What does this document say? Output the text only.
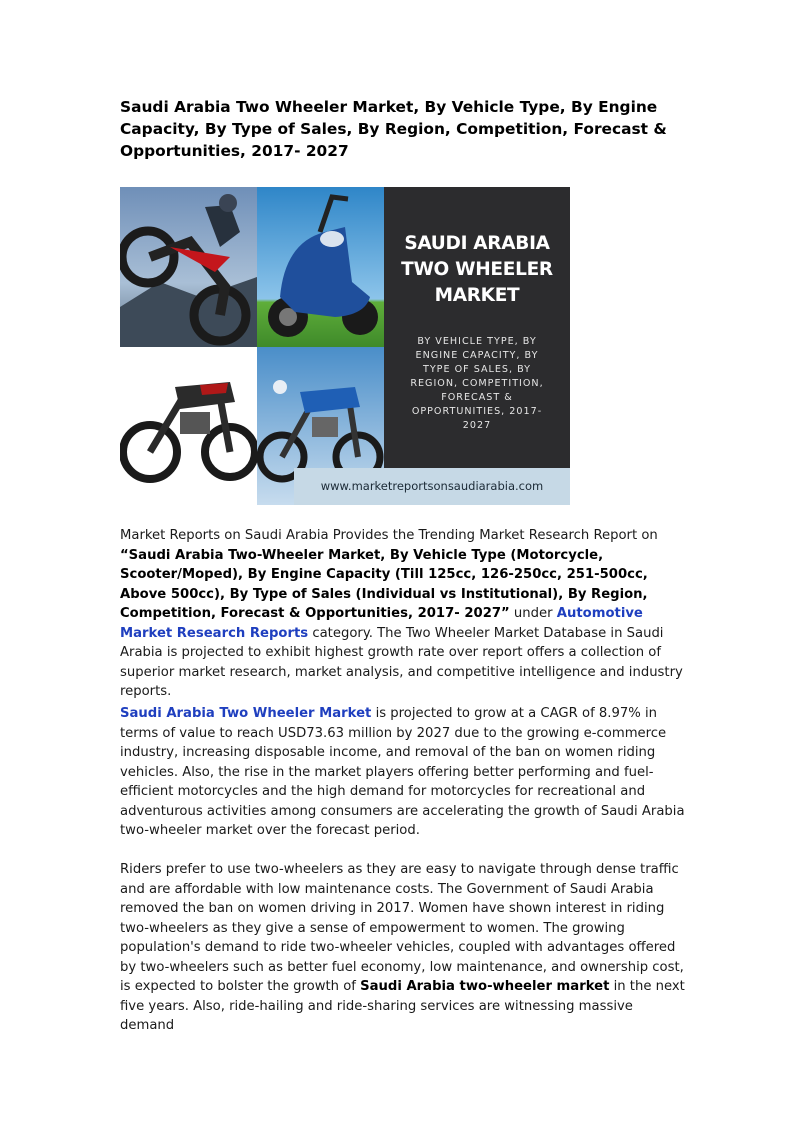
Saudi Arabia Two Wheeler Market, By Vehicle Type, By Engine Capacity, By Type of Sales, By Region, Competition, Forecast & Opportunities, 2017- 2027
SAUDI ARABIA
TWO WHEELER
MARKET
BY VEHICLE TYPE, BY
ENGINE CAPACITY, BY
TYPE OF SALES, BY
REGION, COMPETITION,
FORECAST &
OPPORTUNITIES, 2017-
2027
www.marketreportsonsaudiarabia.com
Market Reports on Saudi Arabia Provides the Trending Market Research Report on “Saudi Arabia Two-Wheeler Market, By Vehicle Type (Motorcycle, Scooter/Moped), By Engine Capacity (Till 125cc, 126-250cc, 251-500cc, Above 500cc), By Type of Sales (Individual vs Institutional), By Region, Competition, Forecast & Opportunities, 2017- 2027” under Automotive Market Research Reports category. The Two Wheeler Market Database in Saudi Arabia is projected to exhibit highest growth rate over report offers a collection of superior market research, market analysis, and competitive intelligence and industry reports.
Saudi Arabia Two Wheeler Market is projected to grow at a CAGR of 8.97% in terms of value to reach USD73.63 million by 2027 due to the growing e-commerce industry, increasing disposable income, and removal of the ban on women riding vehicles. Also, the rise in the market players offering better performing and fuel-efficient motorcycles and the high demand for motorcycles for recreational and adventurous activities among consumers are accelerating the growth of Saudi Arabia two-wheeler market over the forecast period.
Riders prefer to use two-wheelers as they are easy to navigate through dense traffic and are affordable with low maintenance costs. The Government of Saudi Arabia removed the ban on women driving in 2017. Women have shown interest in riding two-wheelers as they give a sense of empowerment to women. The growing population's demand to ride two-wheeler vehicles, coupled with advantages offered by two-wheelers such as better fuel economy, low maintenance, and ownership cost, is expected to bolster the growth of Saudi Arabia two-wheeler market in the next five years. Also, ride-hailing and ride-sharing services are witnessing massive demand
